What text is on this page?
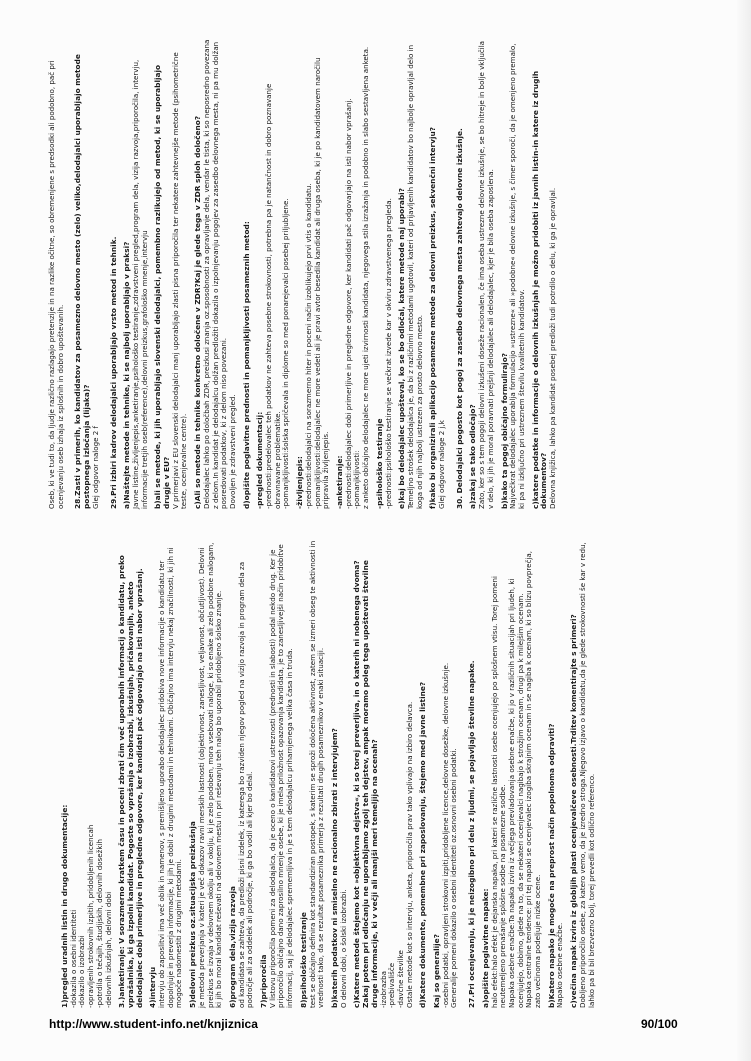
1)pregled uradnih listin in drugo dokumentacije: -dokazila o osebni identiteti -dokazilo o izobrazbi -opravljenih strokovnih izpitih, pridobljenih licencah -potrdila o tečajih, študijskih, delovnih dosežkih -delovnih izkušnjah, delovni dobi 3.)anketiranje: V sorazmerno kratkem času in poceni zbrati čim več uporabnih informacij o kandidatu, preko vprašalnika, ki ga izpolni kandidat. Pogoste so vprašanja o izobrazbi, izkušnjah, pričakovanjih, anketo delodajalec dobi primerljive in pregledne odgovore, ker kandidati pač odgovarjajo na isti nabor vprašanj. 4)intervju intervju ob zaposlitvi ima več oblik in namenov, s premišljeno uporabo delodajalec pridobiva nove informacije o kandidatu ter dopolnjuje in preverja informacije, ki jih je dobil z drugimi metodami in tehnikami. Običajno ima intervju nekaj značilnosti, ki jih ni mogoče nadomestiti z drugimi metodami. 5)delovni preizkus oz.situacijska preizkušnja je metoda preverjanja v kateri je več dokazov ravni merskih lastnosti (objektivnost, zanesljivost, veljavnost, občutljivost). Delovni preizkus se izvaja v delovnem okolju ali v okolju, ki je zelo podoben, mora vsebovati naloge, ki so enake ali zelo podobne nalogam, ki jih bo moral kandidat reševati na delovnem mestu in pri reševanju teh nalog bo uporabil pridobljeno šolsko znanje. 6)program dela,vizija razvoja od kandidata se zahteva, da predloži pisni izdelek, iz katerega bo razviden njegov pogled na vizijo razvoja in program dela za področje ali za oddelek ali področje, ki ga bo vodil ali kjer bo delal. 7)priporočila V listovu priporočila pomeni za delodajalca, da je oceno o kandidatovi ustreznosti (prednosti in slabosti) podal nekdo drug. Ker je priporočilo običajno dano zaprosilno mnenje osebe, ki je imela priložnost opazovanja kandidata, je to zanesljivejši način pridobitve informacij, saj je delodajalec sprememljiva in je s tem delodajalcu priharnjenega velika časa in truda. 8)psihološko testiranje test se običajno definira kot standardiziran postopek, s katerim se sproži določena aktivnost, zatem se izmeri obseg te aktivnosti in vrednosti tako, da se rezultat posameznika primerja z rezultati drugih posameznikov v enaki situaciji. b)katerih podatkov ni smiselno ne racionalno zbirati z intervjujem? O delovni dobi, o šolski izobrazbi. c)Katere metode štejemo kot »objektivna dejstva«, ki so torej preverljiva, in o katerih ni nobenega dvoma?Zakaj potem pri odločanju ne uporabljamo zgolj teh dejstev, ampak moramo poleg tega upoštevati številne druge informacije, ki v večji ali manjši meri temeljijo na ocenah? -izobrazba -prebivališče -davčne številke Ostale metode kot so intervju, anketa, priporočila prav tako vplivajo na izbiro delavca. d)Katere dokumente, pomembne pri zaposlovanju, štejemo med javne listine? Kaj so generalije? -osebni podatki, opravljeni strokovni izpiti,pridobljene licence,delovne dosežke, delovne izkušnje. Generalije pomeni dokazilo o osebni identiteti oz.osnovni osebni podatki. 27.Pri ocenjevanju, ki je neizogibno pri delu z ljudmi, se pojavljajo številne napake. a)opišite poglavitne napake: halo efekt:halo efekt je dejanska napaka, pri kateri se različne lastnosti osebe ocenjujejo po splošnem vtisu. Torej pomeni neutemeljeno prenašanje splošne sodbe na posamezne sodbe. Napaka osebne enačbe:Ta napaka izvira iz večjega prevladovanja osebne enačbe, ki jo v različnih situacijah pri ljudeh, ki ocenjujejo, dobimo, glede na to, da se nekateri ocenjevalci nagibajo k strožjim ocenam, drugi pa k milejšim ocenam. Napaka centralne tendence: pri tej napaki se ocenjevalec izogiba skrajnim ocenam in se nagiba k ocenam, ki so blizu povprečja, zato večinoma podeljuje nizke ocene. b)Katero napako je mogoče na preprost način popolnoma odpraviti? Napako osebne enačbe. c)večina napak izvira iz globljih plasti ocenjevalčeve osebnosti.Trditev komentirajte s primeri? Dobljeno priporočilo osebe, za katero vemo, da je izredno stroga.Njegovo izjavo o kandidatu,da je glede strokovnosti še kar v redu, lahko pa bi bil brezvezno bolj, torej prevedli kot odlično referenco.
Oseb, ki ve tudi to, da ljudje različno razlagajo pretenzije in na razlike očitne, so obremenjene s predsodki ali podobno, pač pri ocenjevanju oseb izhaja iz splošnih in dobro upoštevanih. 28.Zasti v primerih, ko kandidatov za posamezno delovno mesto (zelo) veliko,delodajalci uporabljajo metode postopnega izločanja (lijaka)? Glej odgovor naloge 2 f 29.Pri izbiri kadrov delodajalci uporabljajo vrsto metod in tehnik. a)Naštejte metode in tehnike, ki se najbolj uporabljajo v praksi? Javne listine,življenjepis,anketiranje,psihološko testiranje,zdravstveni pregled,program dela, vizija razvoja,priporočila, intervju, informacije tretjih oseb(reference),delovni preizkus,grafološko mnenje,intervju b)ali se metode, ki jih uporabljajo slovenski delodajalci, pomembno razlikujejo od metod, ki se uporabljajo drugje v EU? V primerjavi z EU slovenski delodajalci manj uporabljajo zlasti pisna priporočila ter nekatere zahtevnejše metode (psihometrične teste, ocenjevalne centre). c)Ali so metode in tehnike konkretno določene v ZDR?Kaj je glede tega v ZDR sploh določeno? Delodajalec lahko po določbah ZDR, preizkusi znanja oz.sposobnosti za opravljanje dela, vendar le tista, ki so neposredno povezana z delom.In kandidat je delodajalcu dolžan predložiti dokazila o izpolnjevanju pogojev za zasedbo delovnega mesta, ni pa mu dolžan posredovati podatkov, ki z delom niso povezani. Dovoljen je zdravstveni pregled. d)opišite poglavitne prednosti in pomanjkljivosti posameznih metod: -pregled dokumentacij: -prednosti:predelovalec teh podatkov ne zahteva posebne strokovnosti, potrebna pa je natančnost in dobro poznavanje obravnavane problematike. -pomanjkljivosti:šolska spričevala in diplome so med ponarejevalci posebej priljubljene. -življenjepis: -prednosti:delodajalci na sorazmerno hiter in poceni način izoblikujejo prvi vtis o kandidatu. -pomanjkljivosti:delodajalec ne more vedeti ali je pravi avtor besedila kandidat ali druga oseba, ki je po kandidatovem naročilu pripravila življenjepis. -anketiranje: -prednosti:delodajalec dobi primerljive in pregledne odgovore, ker kandidati pač odgovarjajo na isti nabor vprašanj. -pomanjkljivosti: z anketo običajno delodajalec ne more ujeti izvirnosti kandidata, njegovega stila izražanja in podobno in slabo sestavljena anketa. -psihološko testiranje -prednosti:psihološko testiranje se večkrat izvede kar v okviru zdravstvenega pregleda. e)kaj bo delodajalec upošteval, ko se bo odločal, katere metode naj uporabi? Temeljno strošek delodajalca je, da bi z različnimi metodami ugotovil, kateri od prijavljenih kandidatov bo najbolje opravljal delo in koga od njih najbolj ustrezen za prosto delovno mesto. f)kako bi organizirali aplikacijo posamezne metode za delovni preizkus, sekvenčni intervju? Glej odgovor naloge 2 j,k 30. Delodajalci pogosto kot pogoj za zasedbo delovnega mesta zahtevajo delovne izkušnje. a)zakaj se tako odločajo? Zato, ker so s tem pogoji delovni izkušeni doseže racionalen, če ima oseba ustrezne delovne izkušnje, se bo hitreje in bolje vključila v delo, ki jih je moral poravnati prejšnji delodajalec ali delodajalec, kjer je bila oseba zaposlena. b)kako ta pogoj običajno formulirajo? Največkrat delodajalec uporablja formulacijo »ustrezne« ali »podobne« delovne izkušnje, s čimer sporoči, da je omenjeno premalo, ki pa ni izključno pri ustreznem številu kvalitetnih kandidatov. c)katere podatke in informacije o delovnih izkušnjah je možno pridobiti iz javnih listin-in katere iz drugih dokumentov? Delovna knjižica, lahko pa kandidat posebej predloži tudi potrdilo o delu, ki ga je opravljal.
http://www.student-info.net/knjiznica	90/100
